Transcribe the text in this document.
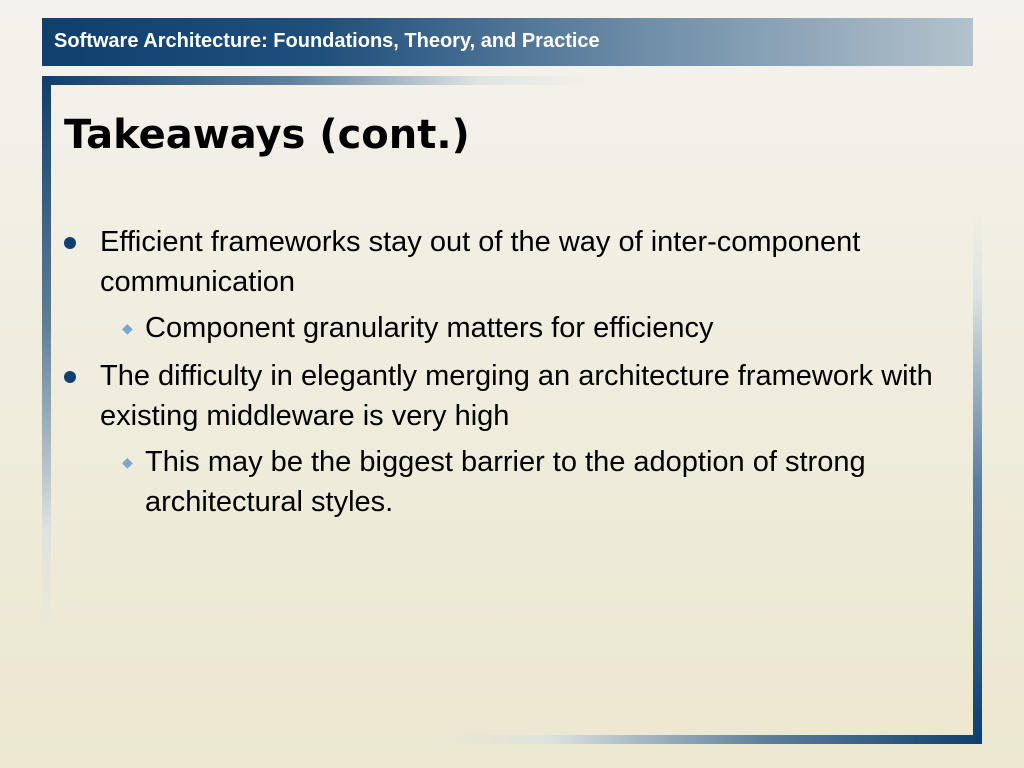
Software Architecture: Foundations, Theory, and Practice
Takeaways (cont.)
Efficient frameworks stay out of the way of inter-component communication
◆ Component granularity matters for efficiency
The difficulty in elegantly merging an architecture framework with existing middleware is very high
◆ This may be the biggest barrier to the adoption of strong architectural styles.
